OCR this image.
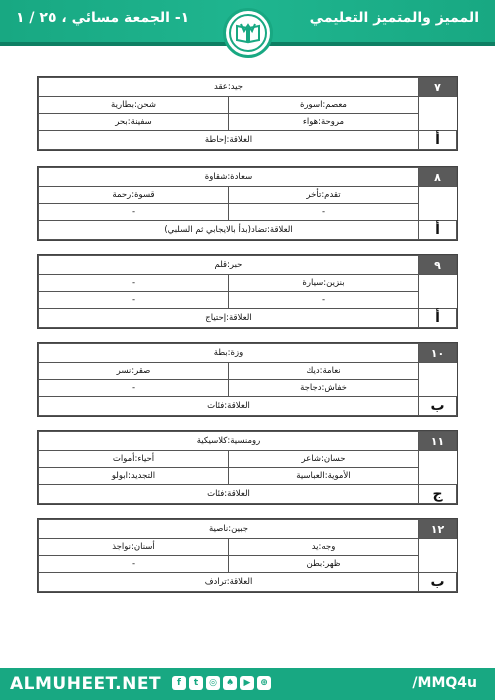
المميز والمتميز التعليمي
١- الجمعة مسائي ، ٢٥ / ١
٧	جيد:عقد	
	معصم:اسورة	شحن:بطارية
	مروحة:هواء	سفينة:بحر
أ	العلاقة:إحاطة	
٨	سعادة:شقاوة	
	تقدم:تأخر	قسوة:رحمة
	-	-
أ	العلاقة:تضاد(بدأ بالايجابي ثم السلبي)	
٩	حبر:قلم	
	بنزين:سيارة	-
	-	-
أ	العلاقة:إحتياج	
١٠	وزة:بطة	
	نعامة:ديك	صقر:نسر
	خفاش:دجاجة	-
ب	العلاقة:فئات	
١١	رومنسية:كلاسيكية	
	حسان:شاعر	أحياء:أموات
	الأموية:العباسية	التجديد:ابولو
ج	العلاقة:فئات	
١٢	جبين:ناصية	
	وجه:يد	أسنان:نواجذ
	ظهر:بطن	-
ب	العلاقة:ترادف	
ALMUHEET.NET	f	t	◎	♠	▶	⊕	/MMQ4u
